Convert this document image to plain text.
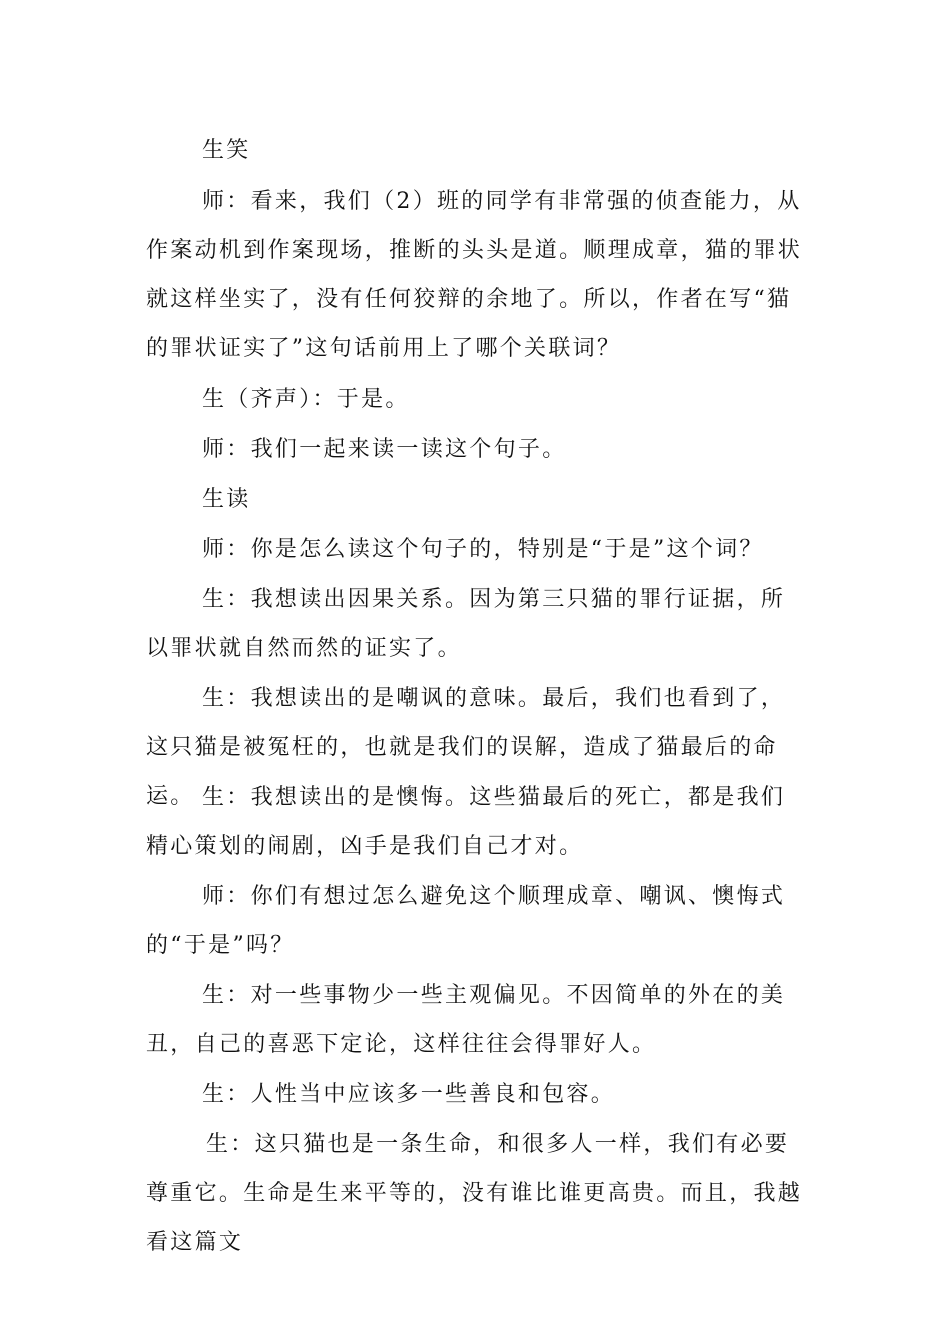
生笑

师：看来，我们（2）班的同学有非常强的侦查能力，从作案动机到作案现场，推断的头头是道。顺理成章，猫的罪状就这样坐实了，没有任何狡辩的余地了。所以，作者在写“猫的罪状证实了”这句话前用上了哪个关联词？

生（齐声）：于是。

师：我们一起来读一读这个句子。

生读

师：你是怎么读这个句子的，特别是“于是”这个词？

生：我想读出因果关系。因为第三只猫的罪行证据，所以罪状就自然而然的证实了。

生：我想读出的是嘲讽的意味。最后，我们也看到了，这只猫是被冤枉的，也就是我们的误解，造成了猫最后的命运。 生：我想读出的是懊悔。这些猫最后的死亡，都是我们精心策划的闹剧，凶手是我们自己才对。

师：你们有想过怎么避免这个顺理成章、嘲讽、懊悔式的“于是”吗？

生：对一些事物少一些主观偏见。不因简单的外在的美丑，自己的喜恶下定论，这样往往会得罪好人。

生：人性当中应该多一些善良和包容。

生：这只猫也是一条生命，和很多人一样，我们有必要尊重它。生命是生来平等的，没有谁比谁更高贵。而且，我越看这篇文
